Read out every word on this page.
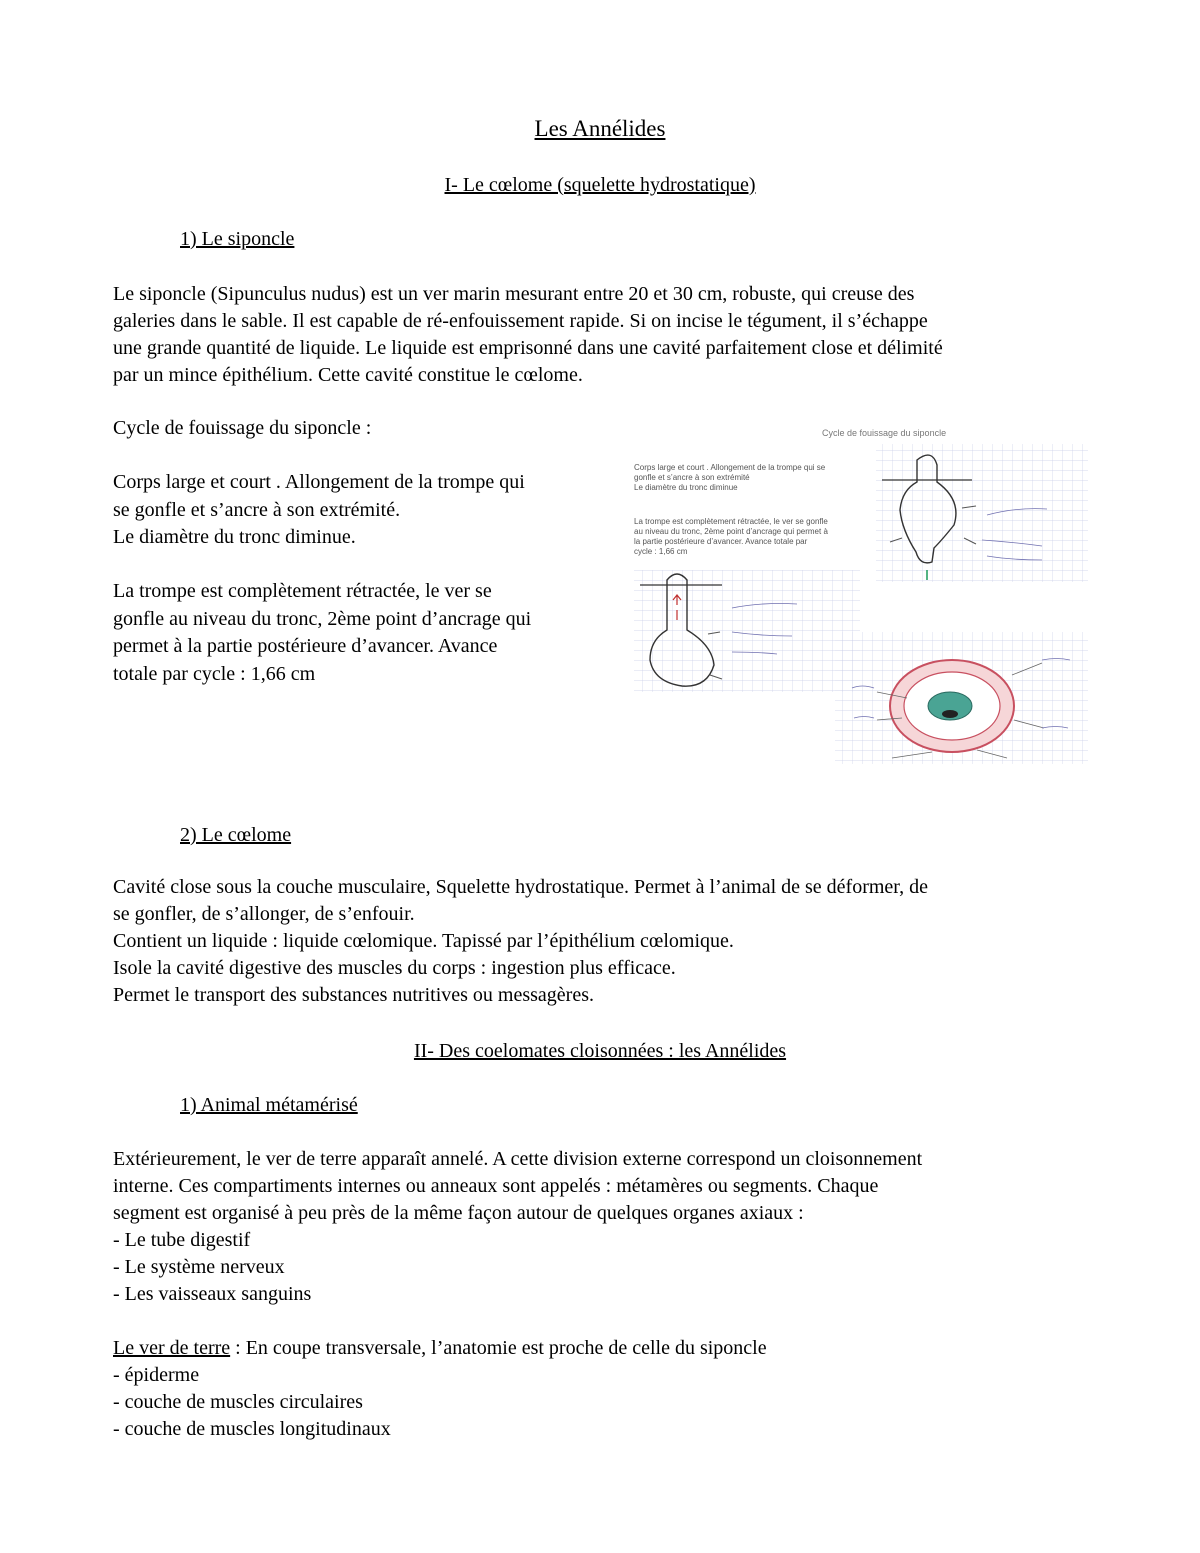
Les Annélides
I- Le cœlome (squelette hydrostatique)
1) Le siponcle

Le siponcle (Sipunculus nudus) est un ver marin mesurant entre 20 et 30 cm, robuste, qui creuse des

galeries dans le sable. Il est capable de ré-enfouissement rapide. Si on incise le tégument, il s’échappe

une grande quantité de liquide. Le liquide est emprisonné dans une cavité parfaitement close et délimité

par un mince épithélium. Cette cavité constitue le cœlome.

Cycle de fouissage du siponcle :

Corps large et court . Allongement de la trompe qui

se gonfle et s’ancre à son extrémité.

Le diamètre du tronc diminue.

La trompe est complètement rétractée, le ver se

gonfle au niveau du tronc, 2ème point d’ancrage qui

permet à la partie postérieure d’avancer. Avance

totale par cycle : 1,66 cm

Cycle de fouissage du siponcle
Corps large et court . Allongement de la trompe qui se
gonfle et s’ancre à son extrémité
Le diamètre du tronc diminue
La trompe est complètement rétractée, le ver se gonfle
au niveau du tronc, 2ème point d’ancrage qui permet à
la partie postérieure d’avancer. Avance totale par
cycle : 1,66 cm
2) Le cœlome

Cavité close sous la couche musculaire, Squelette hydrostatique. Permet à l’animal de se déformer, de

se gonfler, de s’allonger, de s’enfouir.

Contient un liquide : liquide cœlomique. Tapissé par l’épithélium cœlomique.

Isole la cavité digestive des muscles du corps : ingestion plus efficace.

Permet le transport des substances nutritives ou messagères.

II- Des coelomates cloisonnées : les Annélides
1) Animal métamérisé

Extérieurement, le ver de terre apparaît annelé. A cette division externe correspond un cloisonnement

interne. Ces compartiments internes ou anneaux sont appelés : métamères ou segments. Chaque

segment est organisé à peu près de la même façon autour de quelques organes axiaux :

- Le tube digestif

- Le système nerveux

- Les vaisseaux sanguins

Le ver de terre : En coupe transversale, l’anatomie est proche de celle du siponcle

- épiderme

- couche de muscles circulaires

- couche de muscles longitudinaux
